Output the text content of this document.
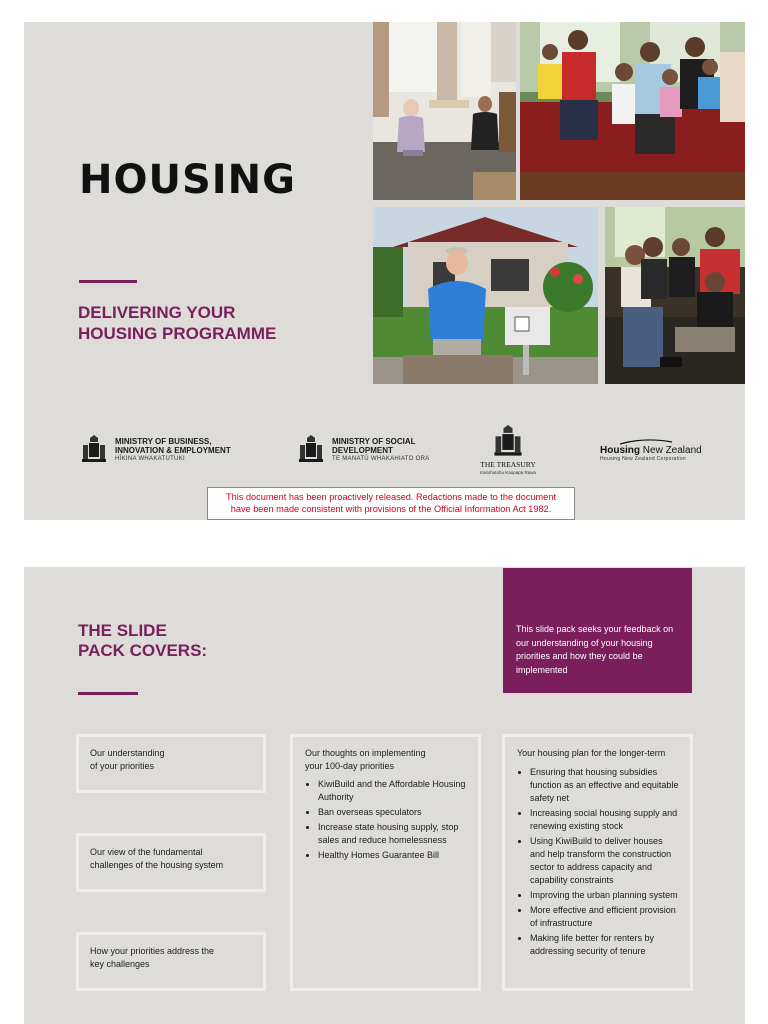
HOUSING
DELIVERING YOUR
HOUSING PROGRAMME
MINISTRY OF BUSINESS,
INNOVATION & EMPLOYMENT
HĪKINA WHAKATUTUKI
MINISTRY OF SOCIAL
DEVELOPMENT
TE MANATŪ WHAKAHIATO ORA
THE TREASURY
Kaitohutohu Kaupapa Rawa
Housing New Zealand
Housing New Zealand Corporation
This document has been proactively released. Redactions made to the document
have been made consistent with provisions of the Official Information Act 1982.
THE SLIDE
PACK COVERS:
This slide pack seeks your feedback on our understanding of your housing priorities and how they could be implemented
Our understanding
of your priorities
Our view of the fundamental
challenges of the housing system
How your priorities address the
key challenges
Our thoughts on implementing
your 100-day priorities
• KiwiBuild and the Affordable Housing Authority
• Ban overseas speculators
• Increase state housing supply, stop sales and reduce homelessness
• Healthy Homes Guarantee Bill
Your housing plan for the longer-term
• Ensuring that housing subsidies function as an effective and equitable safety net
• Increasing social housing supply and renewing existing stock
• Using KiwiBuild to deliver houses and help transform the construction sector to address capacity and capability constraints
• Improving the urban planning system
• More effective and efficient provision of infrastructure
• Making life better for renters by addressing security of tenure
